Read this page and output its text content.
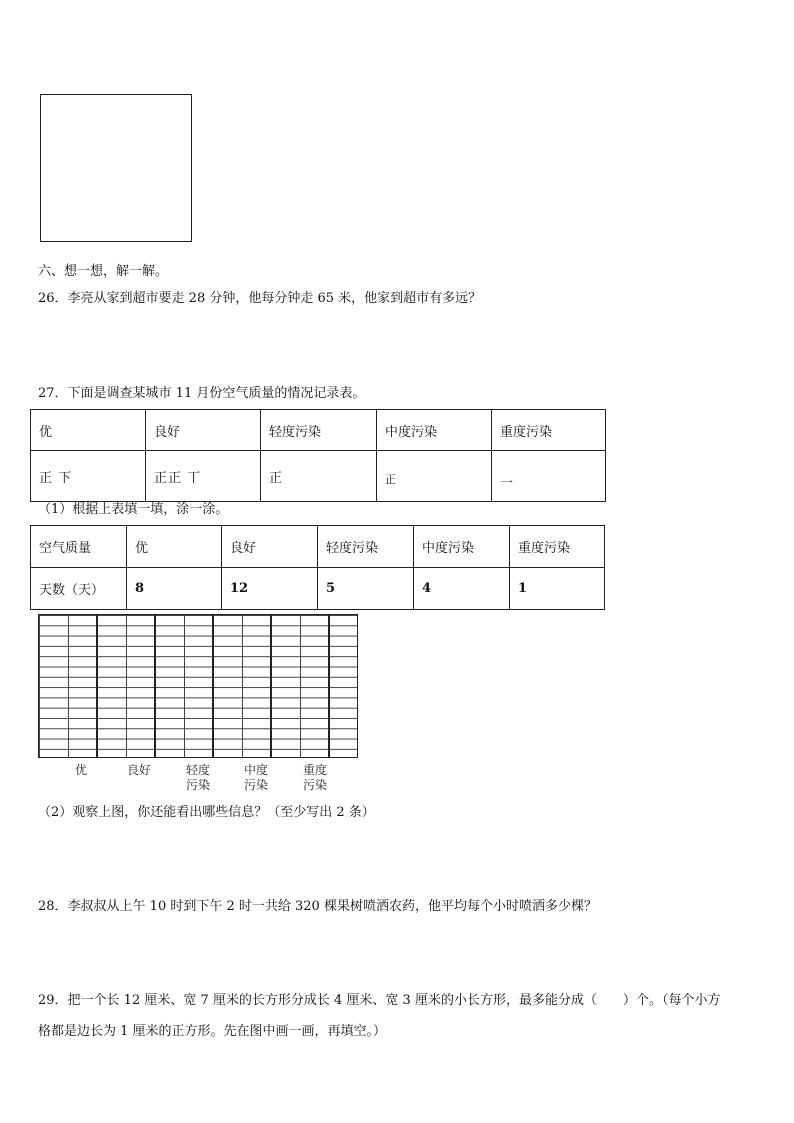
六、想一想，解一解。
26．李亮从家到超市要走 28 分钟，他每分钟走 65 米，他家到超市有多远？
27．下面是调查某城市 11 月份空气质量的情况记录表。
优	良好	轻度污染	中度污染	重度污染
正 下	正正 丅	正	正	一
（1）根据上表填一填，涂一涂。
空气质量	优	良好	轻度污染	中度污染	重度污染
天数（天）	8	12	5	4	1
优	良好	轻度
污染
中度
污染
重度
污染
（2）观察上图，你还能看出哪些信息？（至少写出 2 条）
28．李叔叔从上午 10 时到下午 2 时一共给 320 棵果树喷洒农药，他平均每个小时喷洒多少棵？
29．把一个长 12 厘米、宽 7 厘米的长方形分成长 4 厘米、宽 3 厘米的小长方形，最多能分成（　　）个。（每个小方
格都是边长为 1 厘米的正方形。先在图中画一画，再填空。）
